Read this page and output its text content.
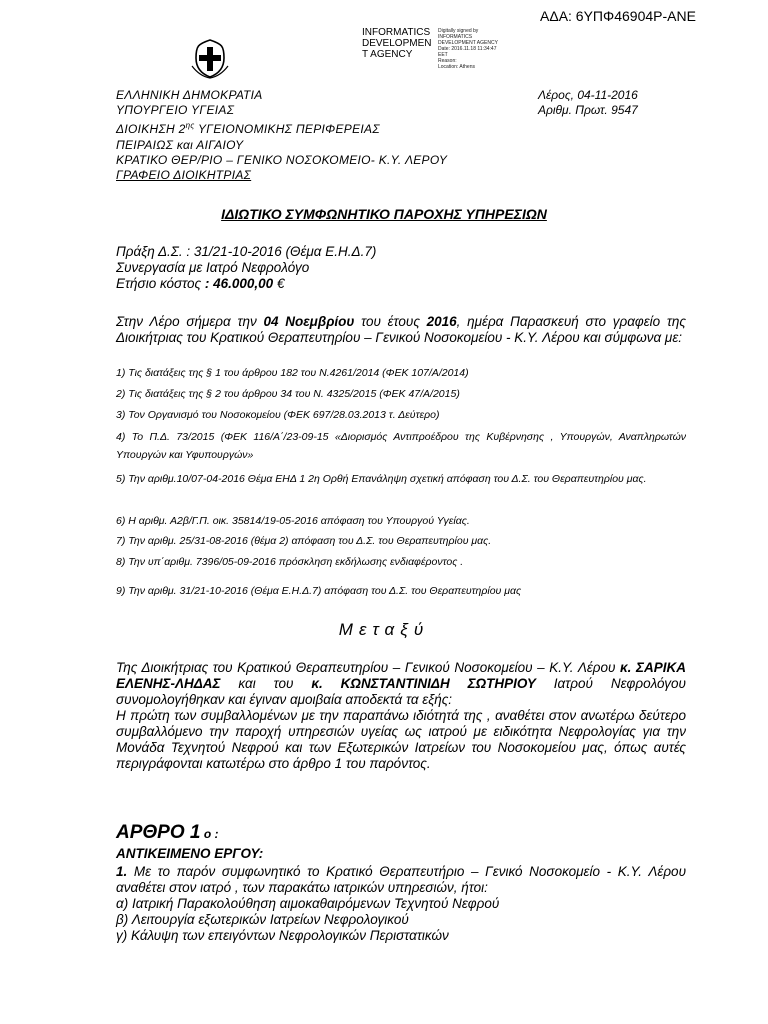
ΑΔΑ: 6ΥΠΦ46904Ρ-ΑΝΕ
INFORMATICS
DEVELOPMEN
T AGENCY
Digitally signed by
INFORMATICS
DEVELOPMENT AGENCY
Date: 2016.11.18 11:34:47
EET
Reason:
Location: Athens
ΕΛΛΗΝΙΚΗ ΔΗΜΟΚΡΑΤΙΑ
ΥΠΟΥΡΓΕΙΟ ΥΓΕΙΑΣ
ΔΙΟΙΚΗΣΗ $2^{\eta\varsigma}$ ΥΓΕΙΟΝΟΜΙΚΗΣ ΠΕΡΙΦΕΡΕΙΑΣ
ΠΕΙΡΑΙΩΣ και ΑΙΓΑΙΟΥ
ΚΡΑΤΙΚΟ ΘΕΡ/ΡΙΟ – ΓΕΝΙΚΟ ΝΟΣΟΚΟΜΕΙΟ- Κ.Υ. ΛΕΡΟΥ
ΓΡΑΦΕΙΟ ΔΙΟΙΚΗΤΡΙΑΣ
Λέρος, 04-11-2016
Αριθμ. Πρωτ. 9547
ΙΔΙΩΤΙΚΟ ΣΥΜΦΩΝΗΤΙΚΟ ΠΑΡΟΧΗΣ ΥΠΗΡΕΣΙΩΝ
Πράξη Δ.Σ. : 31/21-10-2016 (Θέμα Ε.Η.Δ.7)
Συνεργασία με Ιατρό Νεφρολόγο
Ετήσιο κόστος : 46.000,00 €
Στην Λέρο σήμερα την 04 Νοεμβρίου του έτους 2016, ημέρα Παρασκευή στο γραφείο της Διοικήτριας του Κρατικού Θεραπευτηρίου – Γενικού Νοσοκομείου - Κ.Υ. Λέρου και σύμφωνα με:
1) Τις διατάξεις της § 1 του άρθρου 182 του Ν.4261/2014 (ΦΕΚ 107/Α/2014)
2) Τις διατάξεις της § 2 του άρθρου 34 του Ν. 4325/2015 (ΦΕΚ 47/Α/2015)
3) Τον Οργανισμό του Νοσοκομείου (ΦΕΚ 697/28.03.2013 τ. Δεύτερο)
4) Το Π.Δ. 73/2015 (ΦΕΚ 116/Α΄/23-09-15 «Διορισμός Αντιπροέδρου της Κυβέρνησης , Υπουργών, Αναπληρωτών Υπουργών και Υφυπουργών»
5) Την αριθμ.10/07-04-2016 Θέμα ΕΗΔ 1 2η Ορθή Επανάληψη σχετική απόφαση του Δ.Σ. του Θεραπευτηρίου μας.
6) Η αριθμ. Α2β/Γ.Π. οικ. 35814/19-05-2016 απόφαση του Υπουργού Υγείας.
7) Την αριθμ. 25/31-08-2016 (θέμα 2) απόφαση του Δ.Σ. του Θεραπευτηρίου μας.
8) Την υπ΄αριθμ. 7396/05-09-2016 πρόσκληση εκδήλωσης ενδιαφέροντος .
9) Την αριθμ. 31/21-10-2016 (Θέμα Ε.Η.Δ.7) απόφαση του Δ.Σ. του Θεραπευτηρίου μας
Μεταξύ
Της Διοικήτριας του Κρατικού Θεραπευτηρίου – Γενικού Νοσοκομείου – Κ.Υ. Λέρου κ. ΣΑΡΙΚΑ ΕΛΕΝΗΣ-ΛΗΔΑΣ και του κ. ΚΩΝΣΤΑΝΤΙΝΙΔΗ ΣΩΤΗΡΙΟΥ Ιατρού Νεφρολόγου συνομολογήθηκαν και έγιναν αμοιβαία αποδεκτά τα εξής:
Η πρώτη των συμβαλλομένων με την παραπάνω ιδιότητά της , αναθέτει στον ανωτέρω δεύτερο συμβαλλόμενο την παροχή υπηρεσιών υγείας ως ιατρού με ειδικότητα Νεφρολογίας για την Μονάδα Τεχνητού Νεφρού και των Εξωτερικών Ιατρείων του Νοσοκομείου μας, όπως αυτές περιγράφονται κατωτέρω στο άρθρο 1 του παρόντος.
ΑΡΘΡΟ 1 ο :
ΑΝΤΙΚΕΙΜΕΝΟ ΕΡΓΟΥ:
1. Με το παρόν συμφωνητικό το Κρατικό Θεραπευτήριο – Γενικό Νοσοκομείο - Κ.Υ. Λέρου αναθέτει στον ιατρό , των παρακάτω ιατρικών υπηρεσιών, ήτοι:
α) Ιατρική Παρακολούθηση αιμοκαθαιρόμενων Τεχνητού Νεφρού
β) Λειτουργία εξωτερικών Ιατρείων Νεφρολογικού
γ) Κάλυψη των επειγόντων Νεφρολογικών Περιστατικών
